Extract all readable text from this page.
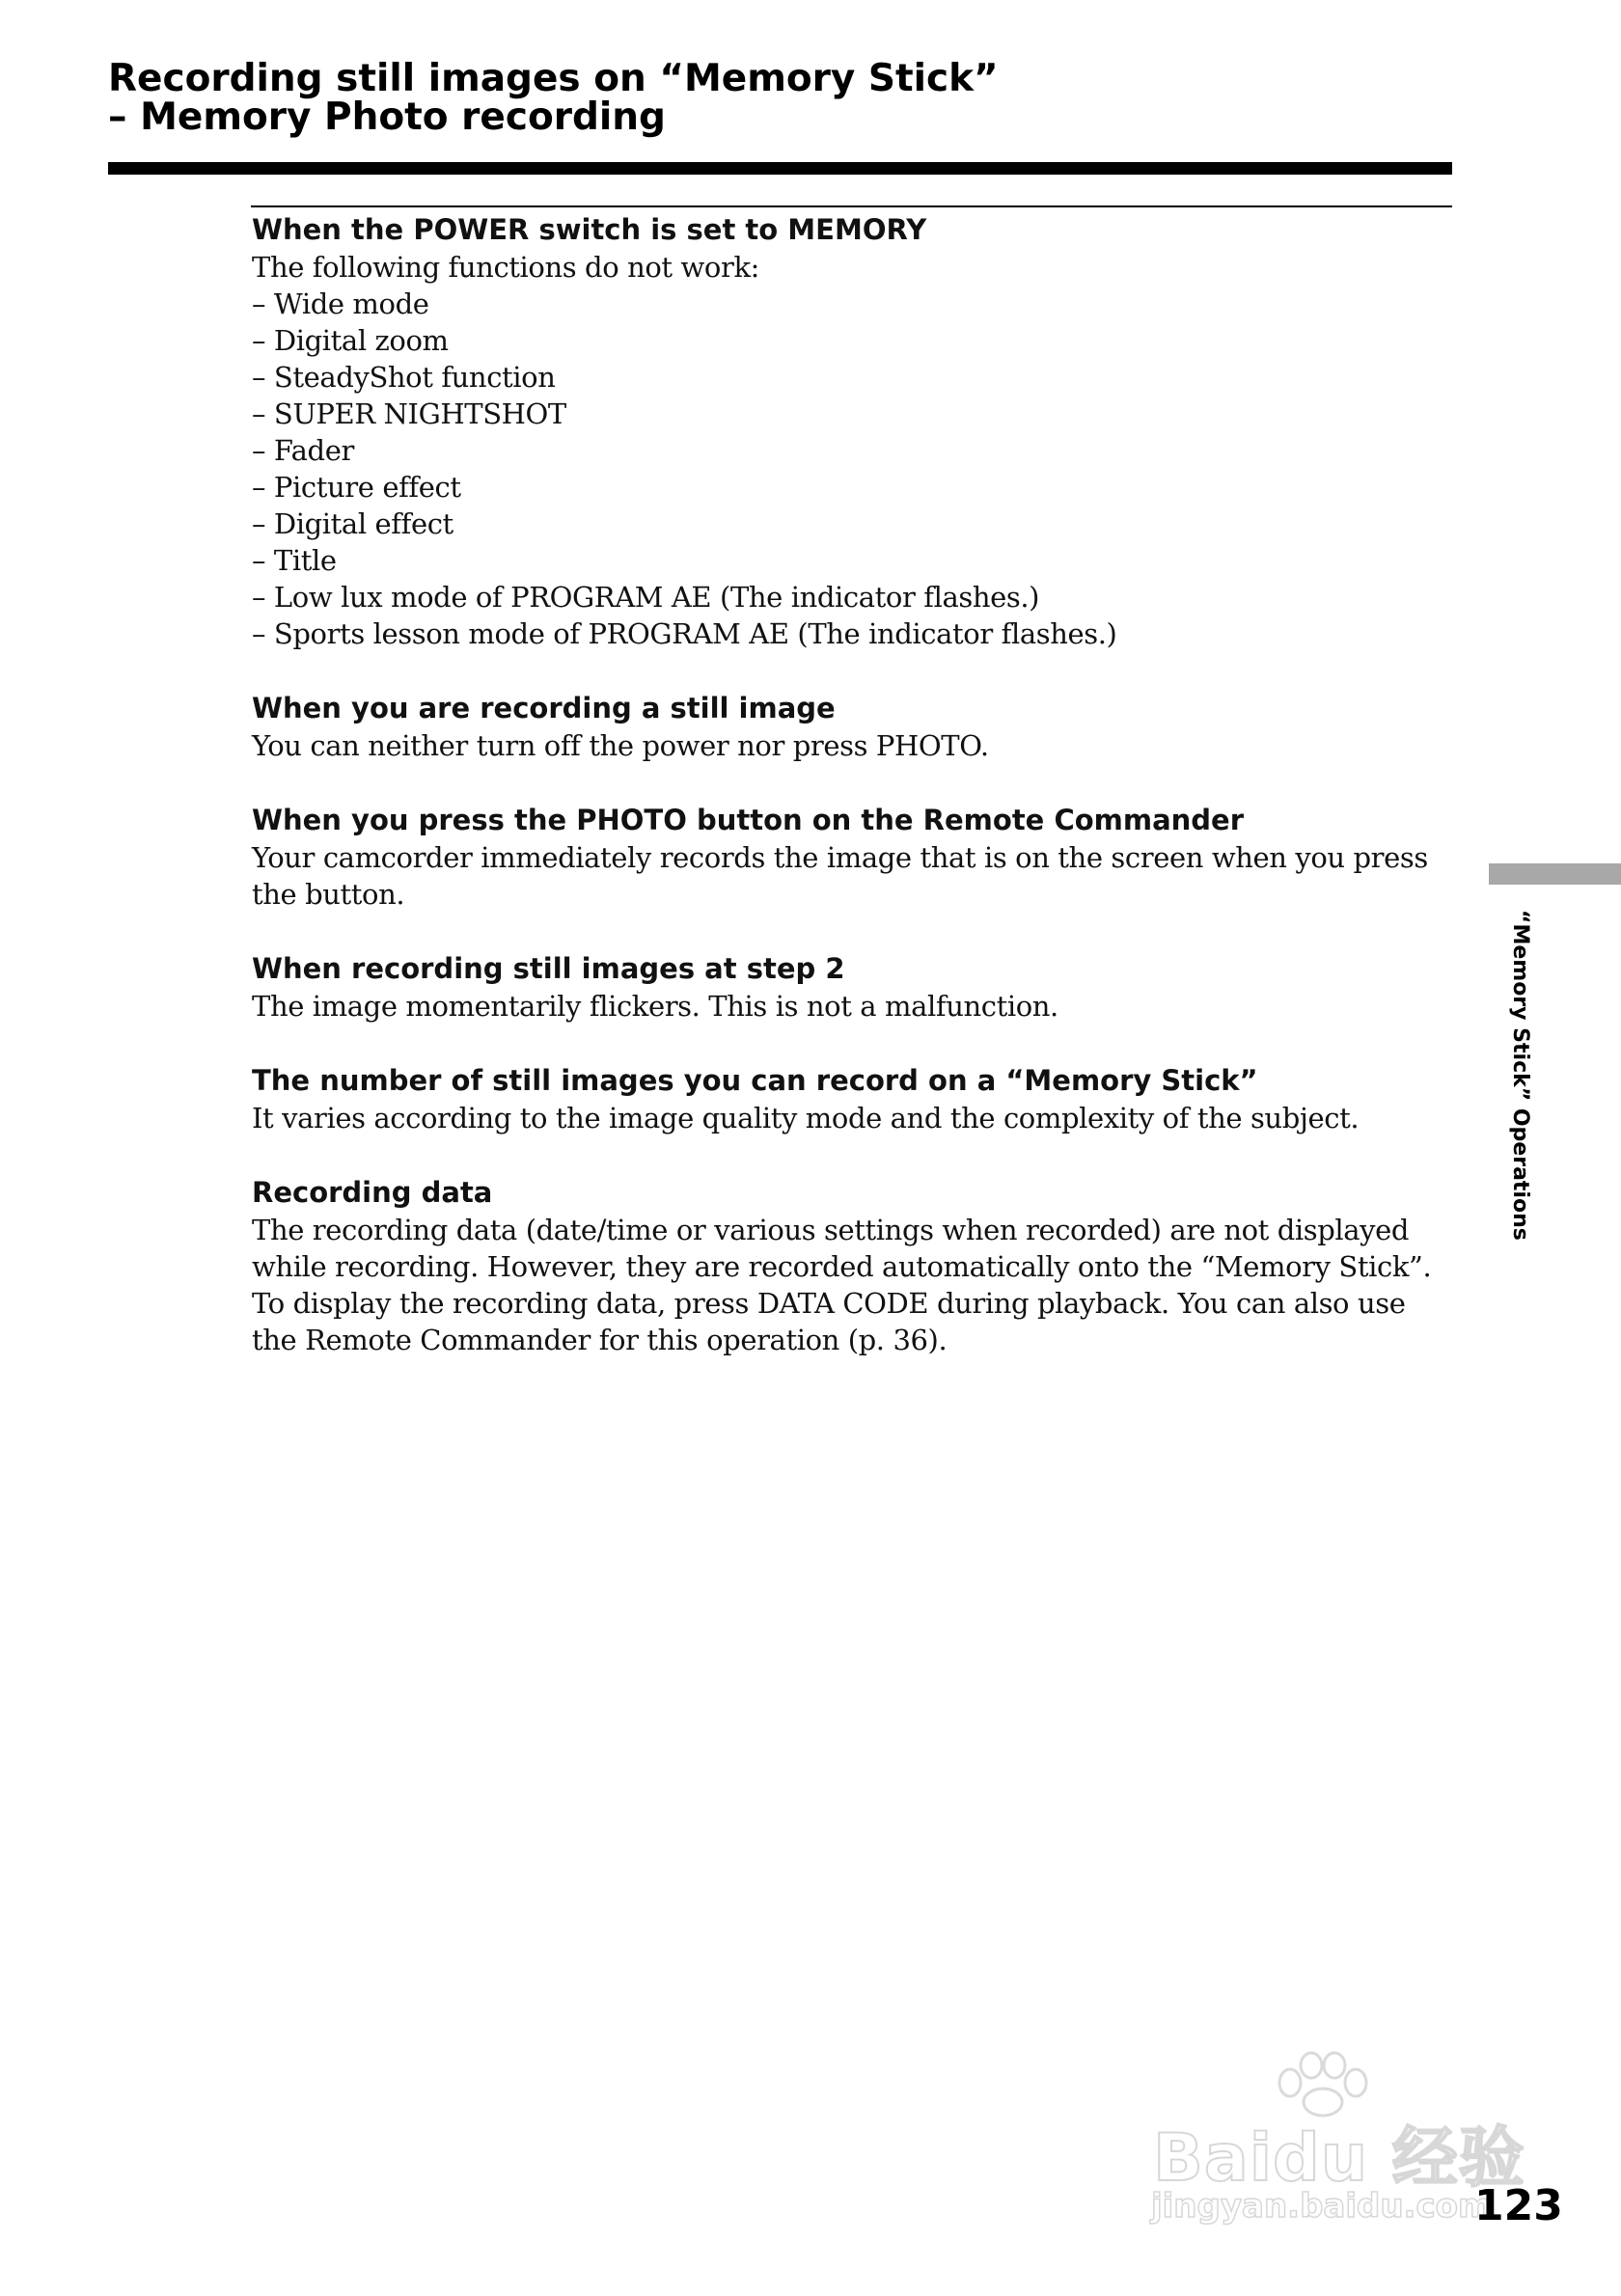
Recording still images on “Memory Stick”
– Memory Photo recording
When the POWER switch is set to MEMORY

The following functions do not work:

– Wide mode
– Digital zoom
– SteadyShot function
– SUPER NIGHTSHOT
– Fader
– Picture effect
– Digital effect
– Title
– Low lux mode of PROGRAM AE (The indicator flashes.)
– Sports lesson mode of PROGRAM AE (The indicator flashes.)
When you are recording a still image

You can neither turn off the power nor press PHOTO.

When you press the PHOTO button on the Remote Commander

Your camcorder immediately records the image that is on the screen when you press

the button.

When recording still images at step 2

The image momentarily flickers. This is not a malfunction.

The number of still images you can record on a “Memory Stick”

It varies according to the image quality mode and the complexity of the subject.

Recording data

The recording data (date/time or various settings when recorded) are not displayed

while recording. However, they are recorded automatically onto the “Memory Stick”.

To display the recording data, press DATA CODE during playback. You can also use

the Remote Commander for this operation (p. 36).

“Memory Stick” Operations
Baidu 经验
jingyan.baidu.com
123
